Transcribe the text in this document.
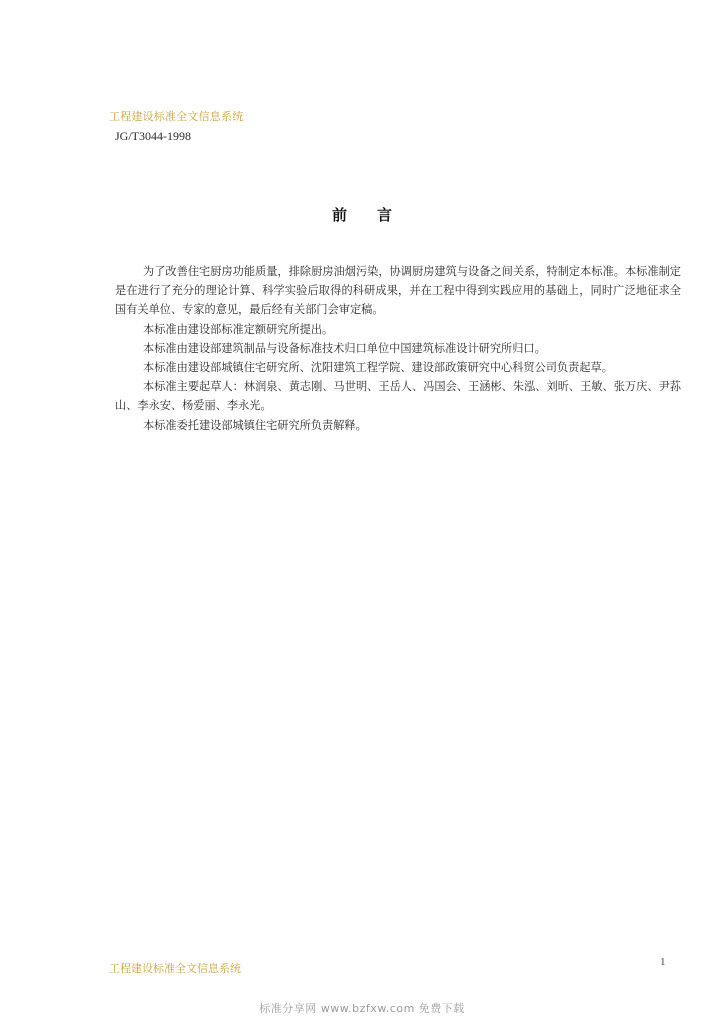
工程建设标准全文信息系统
JG/T3044-1998
前　　言

为了改善住宅厨房功能质量，排除厨房油烟污染，协调厨房建筑与设备之间关系，特制定本标准。本标准制定是在进行了充分的理论计算、科学实验后取得的科研成果，并在工程中得到实践应用的基础上，同时广泛地征求全国有关单位、专家的意见，最后经有关部门会审定稿。

本标准由建设部标准定额研究所提出。

本标准由建设部建筑制品与设备标准技术归口单位中国建筑标准设计研究所归口。

本标准由建设部城镇住宅研究所、沈阳建筑工程学院、建设部政策研究中心科贸公司负责起草。

本标准主要起草人：林润泉、黄志刚、马世明、王岳人、冯国会、王涵彬、朱泓、刘昕、王敏、张万庆、尹荪山、李永安、杨爱丽、李永光。

本标准委托建设部城镇住宅研究所负责解释。

工程建设标准全文信息系统	1
标准分享网 www.bzfxw.com 免费下载
